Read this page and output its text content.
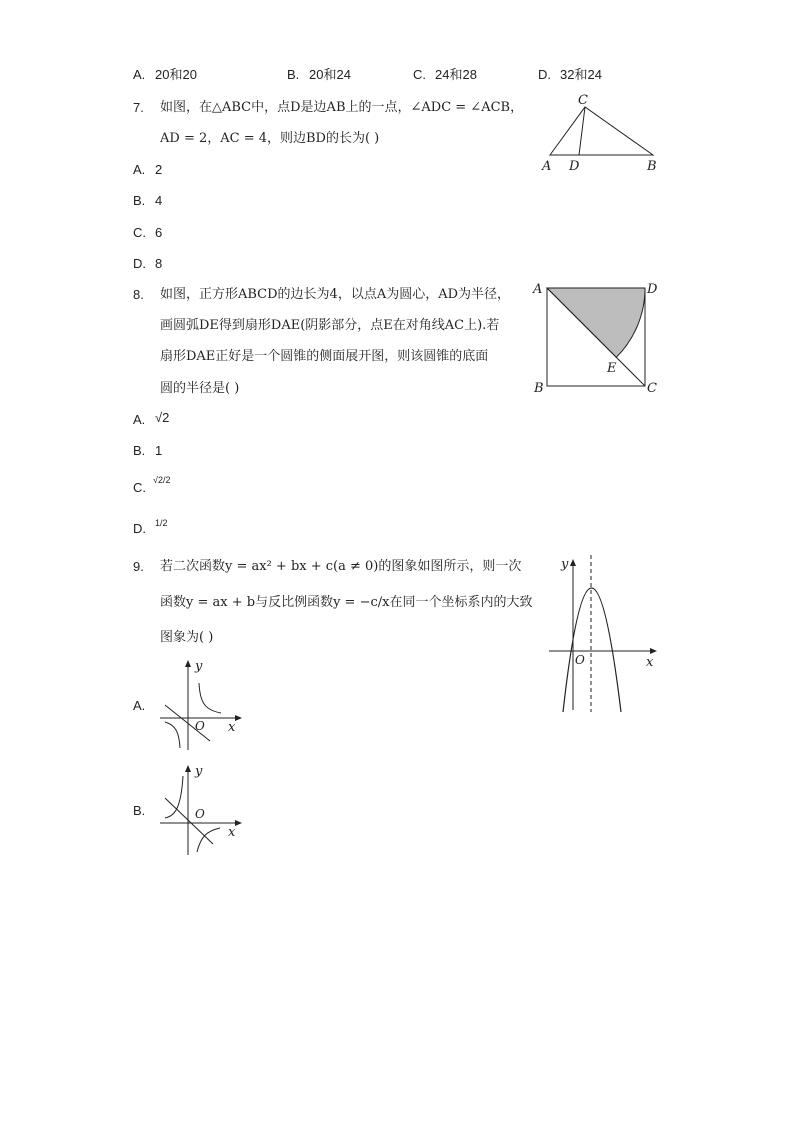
A. 20和20	B. 20和24	C. 24和28	D. 32和24
7. 如图，在△ABC中，点D是边AB上的一点，∠ADC = ∠ACB，
AD = 2，AC = 4，则边BD的长为( )
A. 2
B. 4
C. 6
D. 8
C
A D	B
8. 如图，正方形ABCD的边长为4，以点A为圆心，AD为半径，
画圆弧DE得到扇形DAE(阴影部分，点E在对角线AC上).若
扇形DAE正好是一个圆锥的侧面展开图，则该圆锥的底面
圆的半径是( )
A. √2
B. 1
C. √2/2
D. 1/2
A	D
B	C
E
9. 若二次函数y = ax² + bx + c(a ≠ 0)的图象如图所示，则一次
函数y = ax + b与反比例函数y = −c/x在同一个坐标系内的大致
图象为( )
y
x
O
A.
y
x
O
B.
y
x
O
